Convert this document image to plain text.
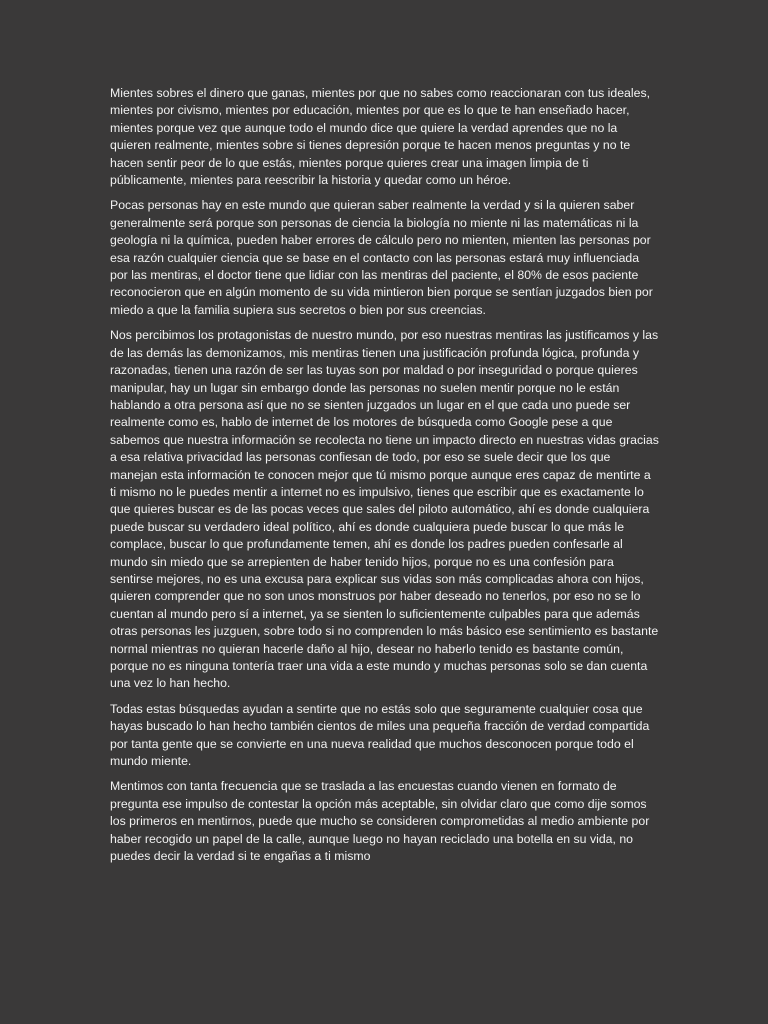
Mientes sobres el dinero que ganas, mientes por que no sabes como reaccionaran con tus ideales, mientes por civismo, mientes por educación, mientes por que es lo que te han enseñado hacer, mientes porque vez que aunque todo el mundo dice que quiere la verdad aprendes que no la quieren realmente, mientes sobre si tienes depresión porque te hacen menos preguntas y no te hacen sentir peor de lo que estás, mientes porque quieres crear una imagen limpia de ti públicamente, mientes para reescribir la historia y quedar como un héroe.

Pocas personas hay en este mundo que quieran saber realmente la verdad y si la quieren saber generalmente será porque son personas de ciencia la biología no miente ni las matemáticas ni la geología ni la química, pueden haber errores de cálculo pero no mienten, mienten las personas por esa razón cualquier ciencia que se base en el contacto con las personas estará muy influenciada por las mentiras, el doctor tiene que lidiar con las mentiras del paciente, el 80% de esos paciente reconocieron que en algún momento de su vida mintieron bien porque se sentían juzgados bien por miedo a que la familia supiera sus secretos o bien por sus creencias.

Nos percibimos los protagonistas de nuestro mundo, por eso nuestras mentiras las justificamos y las de las demás las demonizamos, mis mentiras tienen una justificación profunda lógica, profunda y razonadas, tienen una razón de ser las tuyas son por maldad o por inseguridad o porque quieres manipular, hay un lugar sin embargo donde las personas no suelen mentir porque no le están hablando a otra persona así que no se sienten juzgados un lugar en el que cada uno puede ser realmente como es, hablo de internet de los motores de búsqueda como Google pese a que sabemos que nuestra información se recolecta no tiene un impacto directo en nuestras vidas gracias a esa relativa privacidad las personas confiesan de todo, por eso se suele decir que los que manejan esta información te conocen mejor que tú mismo porque aunque eres capaz de mentirte a ti mismo no le puedes mentir a internet no es impulsivo, tienes que escribir que es exactamente lo que quieres buscar es de las pocas veces que sales del piloto automático, ahí es donde cualquiera puede buscar su verdadero ideal político, ahí es donde cualquiera puede buscar lo que más le complace, buscar lo que profundamente temen, ahí es donde los padres pueden confesarle al mundo sin miedo que se arrepienten de haber tenido hijos, porque no es una confesión para sentirse mejores, no es una excusa para explicar sus vidas son más complicadas ahora con hijos, quieren comprender que no son unos monstruos por haber deseado no tenerlos, por eso no se lo cuentan al mundo pero sí a internet, ya se sienten lo suficientemente culpables para que además otras personas les juzguen, sobre todo si no comprenden lo más básico ese sentimiento es bastante normal mientras no quieran hacerle daño al hijo, desear no haberlo tenido es bastante común, porque no es ninguna tontería traer una vida a este mundo y muchas personas solo se dan cuenta una vez lo han hecho.

Todas estas búsquedas ayudan a sentirte que no estás solo que seguramente cualquier cosa que hayas buscado lo han hecho también cientos de miles una pequeña fracción de verdad compartida por tanta gente que se convierte en una nueva realidad que muchos desconocen porque todo el mundo miente.

Mentimos con tanta frecuencia que se traslada a las encuestas cuando vienen en formato de pregunta ese impulso de contestar la opción más aceptable, sin olvidar claro que como dije somos los primeros en mentirnos, puede que mucho se consideren comprometidas al medio ambiente por haber recogido un papel de la calle, aunque luego no hayan reciclado una botella en su vida, no puedes decir la verdad si te engañas a ti mismo
